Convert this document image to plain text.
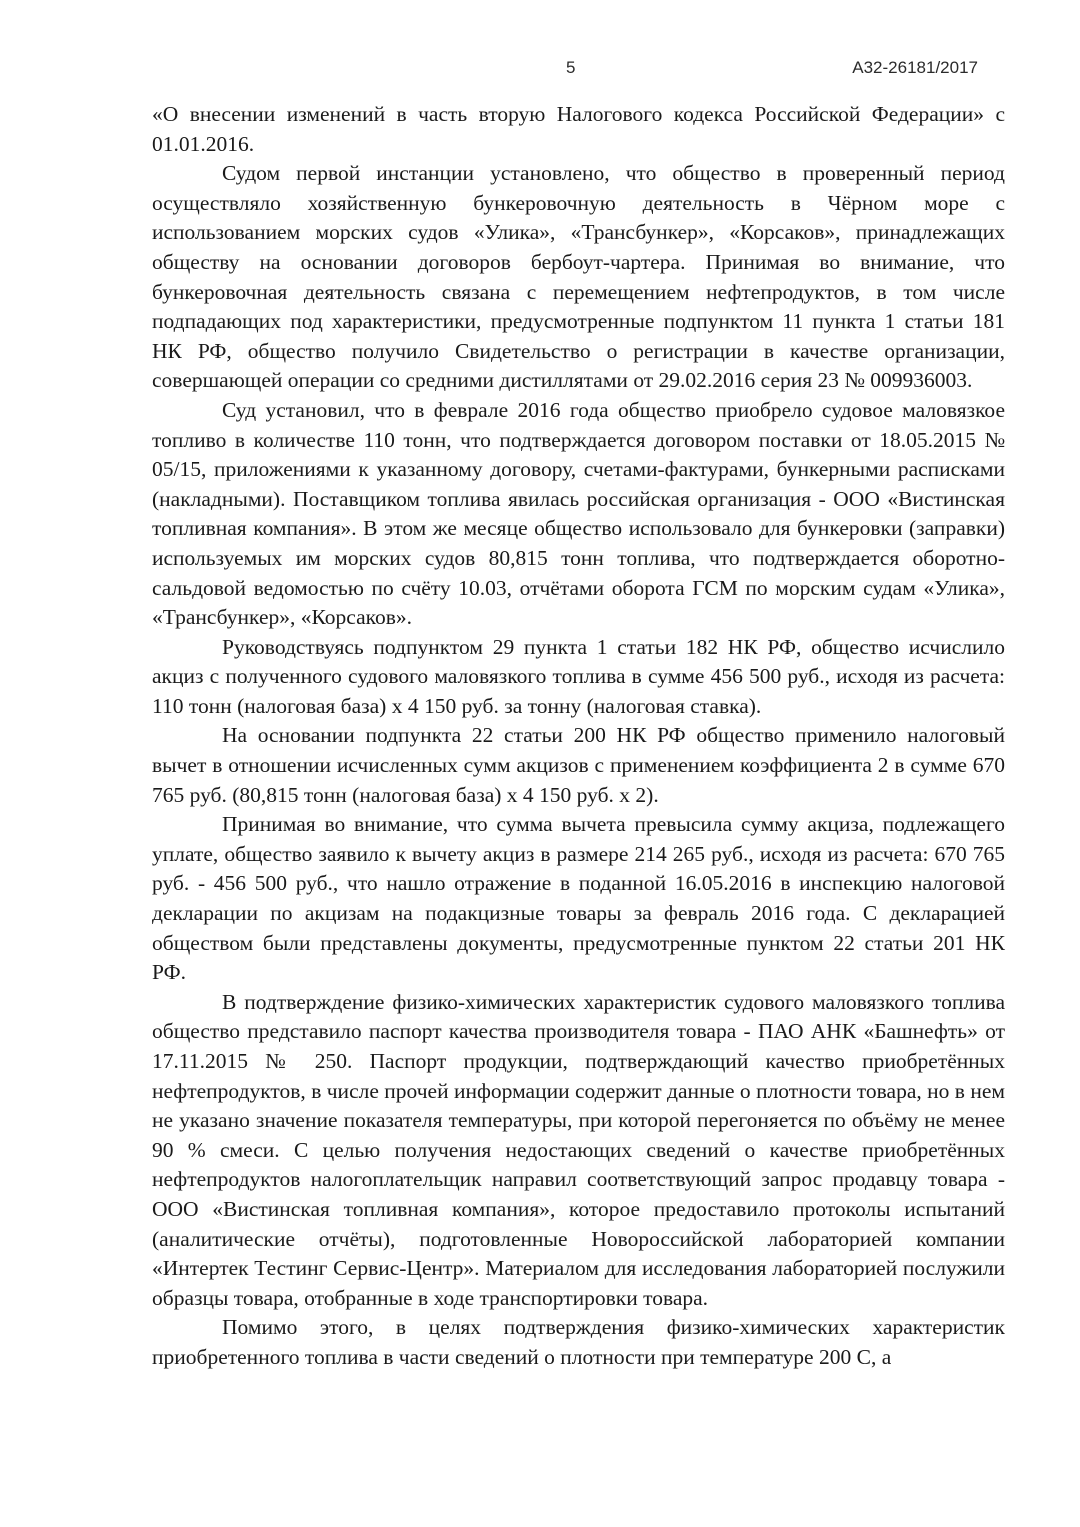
5	А32-26181/2017

«О внесении изменений в часть вторую Налогового кодекса Российской Федерации» с 01.01.2016.

Судом первой инстанции установлено, что общество в проверенный период осуществляло хозяйственную бункеровочную деятельность в Чёрном море с использованием морских судов «Улика», «Трансбункер», «Корсаков», принадлежащих обществу на основании договоров бербоут-чартера. Принимая во внимание, что бункеровочная деятельность связана с перемещением нефтепродуктов, в том числе подпадающих под характеристики, предусмотренные подпунктом 11 пункта 1 статьи 181 НК РФ, общество получило Свидетельство о регистрации в качестве организации, совершающей операции со средними дистиллятами от 29.02.2016 серия 23 № 009936003.

Суд установил, что в феврале 2016 года общество приобрело судовое маловязкое топливо в количестве 110 тонн, что подтверждается договором поставки от 18.05.2015 № 05/15, приложениями к указанному договору, счетами-фактурами, бункерными расписками (накладными). Поставщиком топлива явилась российская организация - ООО «Вистинская топливная компания». В этом же месяце общество использовало для бункеровки (заправки) используемых им морских судов 80,815 тонн топлива, что подтверждается оборотно-сальдовой ведомостью по счёту 10.03, отчётами оборота ГСМ по морским судам «Улика», «Трансбункер», «Корсаков».

Руководствуясь подпунктом 29 пункта 1 статьи 182 НК РФ, общество исчислило акциз с полученного судового маловязкого топлива в сумме 456 500 руб., исходя из расчета: 110 тонн (налоговая база) х 4 150 руб. за тонну (налоговая ставка).

На основании подпункта 22 статьи 200 НК РФ общество применило налоговый вычет в отношении исчисленных сумм акцизов с применением коэффициента 2 в сумме 670 765 руб. (80,815 тонн (налоговая база) х 4 150 руб. х 2).

Принимая во внимание, что сумма вычета превысила сумму акциза, подлежащего уплате, общество заявило к вычету акциз в размере 214 265 руб., исходя из расчета: 670 765 руб. - 456 500 руб., что нашло отражение в поданной 16.05.2016 в инспекцию налоговой декларации по акцизам на подакцизные товары за февраль 2016 года. С декларацией обществом были представлены документы, предусмотренные пунктом 22 статьи 201 НК РФ.

В подтверждение физико-химических характеристик судового маловязкого топлива общество представило паспорт качества производителя товара - ПАО АНК «Башнефть» от 17.11.2015 № 250. Паспорт продукции, подтверждающий качество приобретённых нефтепродуктов, в числе прочей информации содержит данные о плотности товара, но в нем не указано значение показателя температуры, при которой перегоняется по объёму не менее 90 % смеси. С целью получения недостающих сведений о качестве приобретённых нефтепродуктов налогоплательщик направил соответствующий запрос продавцу товара - ООО «Вистинская топливная компания», которое предоставило протоколы испытаний (аналитические отчёты), подготовленные Новороссийской лабораторией компании «Интертек Тестинг Сервис-Центр». Материалом для исследования лабораторией послужили образцы товара, отобранные в ходе транспортировки товара.

Помимо этого, в целях подтверждения физико-химических характеристик приобретенного топлива в части сведений о плотности при температуре 200 С, а
